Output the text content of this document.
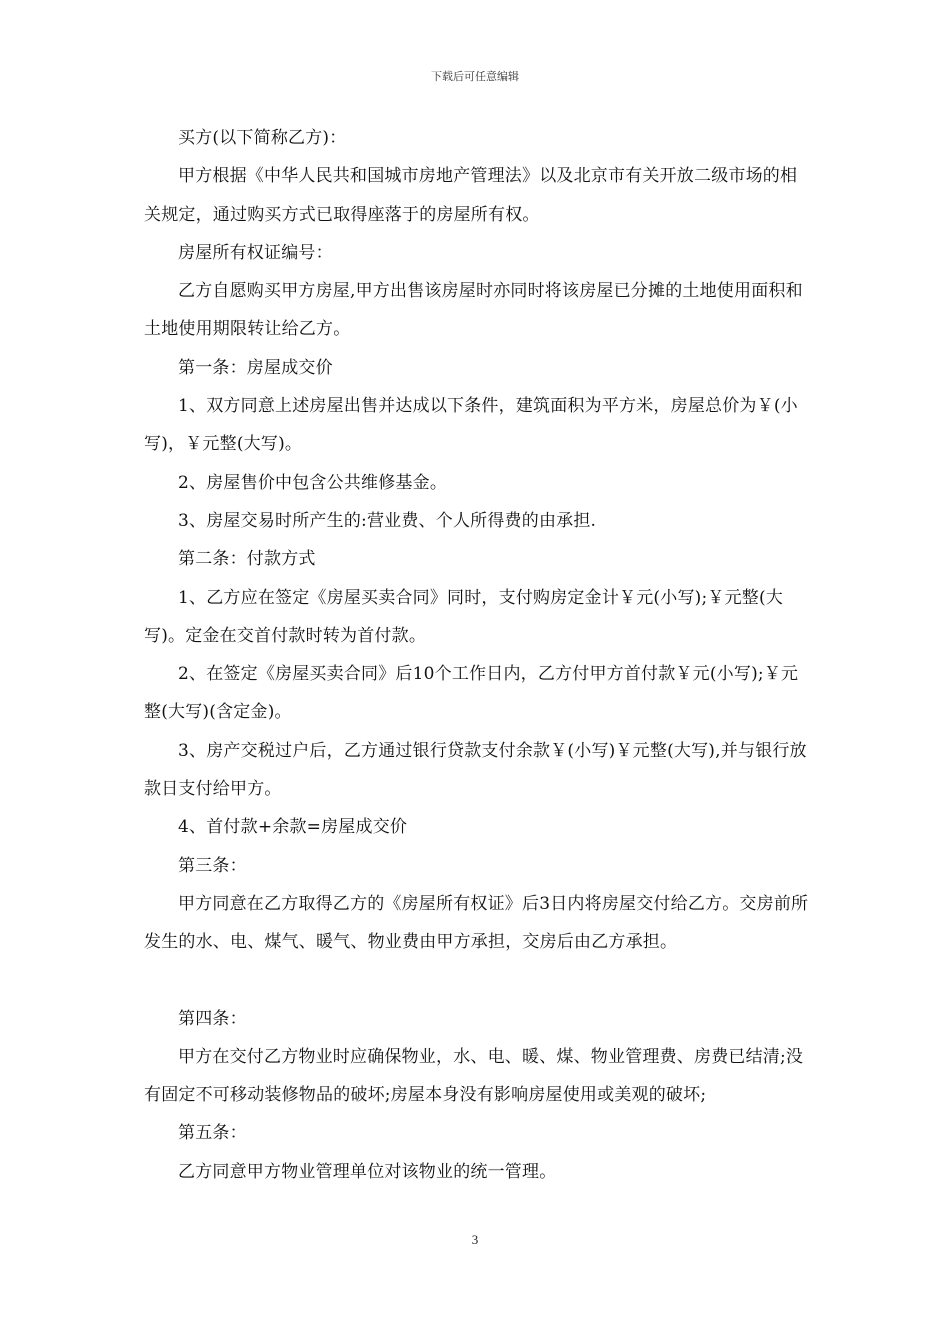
下载后可任意编辑

买方(以下简称乙方)：

甲方根据《中华人民共和国城市房地产管理法》以及北京市有关开放二级市场的相关规定，通过购买方式已取得座落于的房屋所有权。

房屋所有权证编号：

乙方自愿购买甲方房屋,甲方出售该房屋时亦同时将该房屋已分摊的土地使用面积和土地使用期限转让给乙方。

第一条：房屋成交价

1、双方同意上述房屋出售并达成以下条件，建筑面积为平方米，房屋总价为￥(小写)，￥元整(大写)。

2、房屋售价中包含公共维修基金。

3、房屋交易时所产生的:营业费、个人所得费的由承担.

第二条：付款方式

1、乙方应在签定《房屋买卖合同》同时，支付购房定金计￥元(小写);￥元整(大写)。定金在交首付款时转为首付款。

2、在签定《房屋买卖合同》后10个工作日内，乙方付甲方首付款￥元(小写);￥元整(大写)(含定金)。

3、房产交税过户后，乙方通过银行贷款支付余款￥(小写)￥元整(大写),并与银行放款日支付给甲方。

4、首付款+余款=房屋成交价

第三条：

甲方同意在乙方取得乙方的《房屋所有权证》后3日内将房屋交付给乙方。交房前所发生的水、电、煤气、暖气、物业费由甲方承担，交房后由乙方承担。

第四条：

甲方在交付乙方物业时应确保物业，水、电、暖、煤、物业管理费、房费已结清;没有固定不可移动装修物品的破坏;房屋本身没有影响房屋使用或美观的破坏;

第五条：

乙方同意甲方物业管理单位对该物业的统一管理。

3
